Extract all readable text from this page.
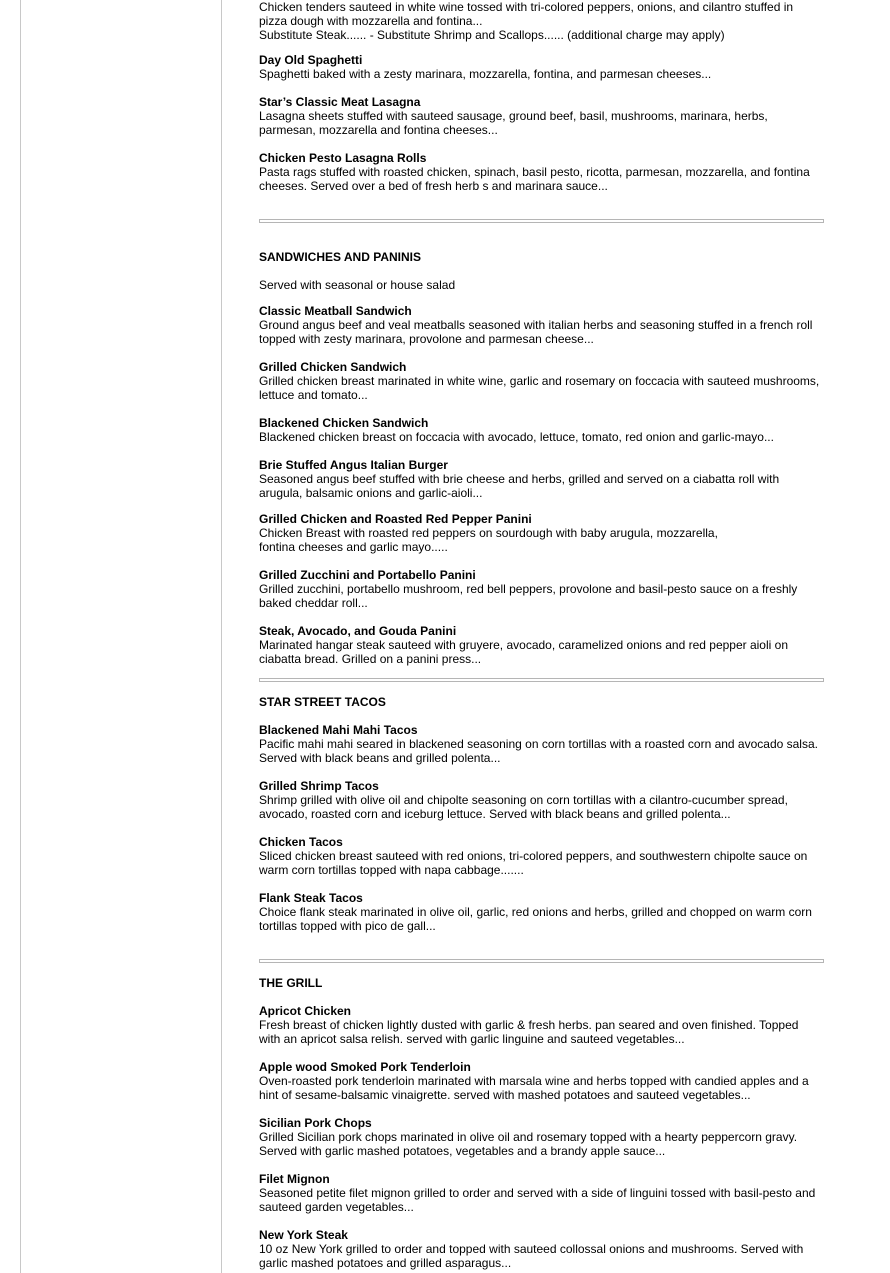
Chicken tenders sauteed in white wine tossed with tri-colored peppers, onions, and cilantro stuffed in
pizza dough with mozzarella and fontina...
Substitute Steak...... - Substitute Shrimp and Scallops...... (additional charge may apply)
Day Old Spaghetti
Spaghetti baked with a zesty marinara, mozzarella, fontina, and parmesan cheeses...
Star’s Classic Meat Lasagna
Lasagna sheets stuffed with sauteed sausage, ground beef, basil, mushrooms, marinara, herbs, parmesan, mozzarella and fontina cheeses...
Chicken Pesto Lasagna Rolls
Pasta rags stuffed with roasted chicken, spinach, basil pesto, ricotta, parmesan, mozzarella, and fontina cheeses. Served over a bed of fresh herb s and marinara sauce...
SANDWICHES AND PANINIS
Served with seasonal or house salad
Classic Meatball Sandwich
Ground angus beef and veal meatballs seasoned with italian herbs and seasoning stuffed in a french roll topped with zesty marinara, provolone and parmesan cheese...
Grilled Chicken Sandwich
Grilled chicken breast marinated in white wine, garlic and rosemary on foccacia with sauteed mushrooms, lettuce and tomato...
Blackened Chicken Sandwich
Blackened chicken breast on foccacia with avocado, lettuce, tomato, red onion and garlic-mayo...
Brie Stuffed Angus Italian Burger
Seasoned angus beef stuffed with brie cheese and herbs, grilled and served on a ciabatta roll with arugula, balsamic onions and garlic-aioli...
Grilled Chicken and Roasted Red Pepper Panini
Chicken Breast with roasted red peppers on sourdough with baby arugula, mozzarella,
fontina cheeses and garlic mayo.....
Grilled Zucchini and Portabello Panini
Grilled zucchini, portabello mushroom, red bell peppers, provolone and basil-pesto sauce on a freshly baked cheddar roll...
Steak, Avocado, and Gouda Panini
Marinated hangar steak sauteed with gruyere, avocado, caramelized onions and red pepper aioli on ciabatta bread. Grilled on a panini press...
STAR STREET TACOS
Blackened Mahi Mahi Tacos
Pacific mahi mahi seared in blackened seasoning on corn tortillas with a roasted corn and avocado salsa. Served with black beans and grilled polenta...
Grilled Shrimp Tacos
Shrimp grilled with olive oil and chipolte seasoning on corn tortillas with a cilantro-cucumber spread, avocado, roasted corn and iceburg lettuce. Served with black beans and grilled polenta...
Chicken Tacos
Sliced chicken breast sauteed with red onions, tri-colored peppers, and southwestern chipolte sauce on warm corn tortillas topped with napa cabbage.......
Flank Steak Tacos
Choice flank steak marinated in olive oil, garlic, red onions and herbs, grilled and chopped on warm corn tortillas topped with pico de gall...
THE GRILL
Apricot Chicken
Fresh breast of chicken lightly dusted with garlic & fresh herbs. pan seared and oven finished. Topped with an apricot salsa relish. served with garlic linguine and sauteed vegetables...
Apple wood Smoked Pork Tenderloin
Oven-roasted pork tenderloin marinated with marsala wine and herbs topped with candied apples and a hint of sesame-balsamic vinaigrette. served with mashed potatoes and sauteed vegetables...
Sicilian Pork Chops
Grilled Sicilian pork chops marinated in olive oil and rosemary topped with a hearty peppercorn gravy. Served with garlic mashed potatoes, vegetables and a brandy apple sauce...
Filet Mignon
Seasoned petite filet mignon grilled to order and served with a side of linguini tossed with basil-pesto and sauteed garden vegetables...
New York Steak
10 oz New York grilled to order and topped with sauteed collossal onions and mushrooms. Served with garlic mashed potatoes and grilled asparagus...
